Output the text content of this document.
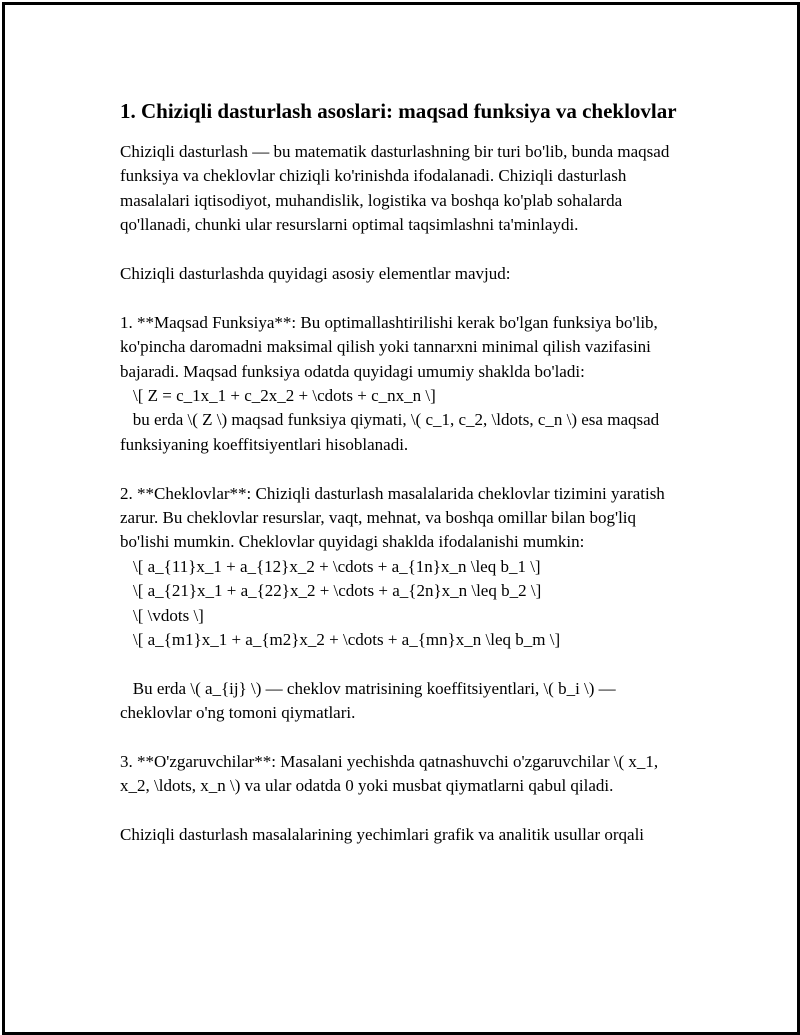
1. Chiziqli dasturlash asoslari: maqsad funksiya va cheklovlar

Chiziqli dasturlash — bu matematik dasturlashning bir turi bo'lib, bunda maqsad funksiya va cheklovlar chiziqli ko'rinishda ifodalanadi. Chiziqli dasturlash masalalari iqtisodiyot, muhandislik, logistika va boshqa ko'plab sohalarda qo'llanadi, chunki ular resurslarni optimal taqsimlashni ta'minlaydi.

Chiziqli dasturlashda quyidagi asosiy elementlar mavjud:

1. **Maqsad Funksiya**: Bu optimallashtirilishi kerak bo'lgan funksiya bo'lib, ko'pincha daromadni maksimal qilish yoki tannarxni minimal qilish vazifasini bajaradi. Maqsad funksiya odatda quyidagi umumiy shaklda bo'ladi:

\[ Z = c_1x_1 + c_2x_2 + \cdots + c_nx_n \]

bu erda \( Z \) maqsad funksiya qiymati, \( c_1, c_2, \ldots, c_n \) esa maqsad funksiyaning koeffitsiyentlari hisoblanadi.

2. **Cheklovlar**: Chiziqli dasturlash masalalarida cheklovlar tizimini yaratish zarur. Bu cheklovlar resurslar, vaqt, mehnat, va boshqa omillar bilan bog'liq bo'lishi mumkin. Cheklovlar quyidagi shaklda ifodalanishi mumkin:

\[ a_{11}x_1 + a_{12}x_2 + \cdots + a_{1n}x_n \leq b_1 \]

\[ a_{21}x_1 + a_{22}x_2 + \cdots + a_{2n}x_n \leq b_2 \]

\[ \vdots \]

\[ a_{m1}x_1 + a_{m2}x_2 + \cdots + a_{mn}x_n \leq b_m \]

Bu erda \( a_{ij} \) — cheklov matrisining koeffitsiyentlari, \( b_i \) — cheklovlar o'ng tomoni qiymatlari.

3. **O'zgaruvchilar**: Masalani yechishda qatnashuvchi o'zgaruvchilar \( x_1, x_2, \ldots, x_n \) va ular odatda 0 yoki musbat qiymatlarni qabul qiladi.

Chiziqli dasturlash masalalarining yechimlari grafik va analitik usullar orqali
